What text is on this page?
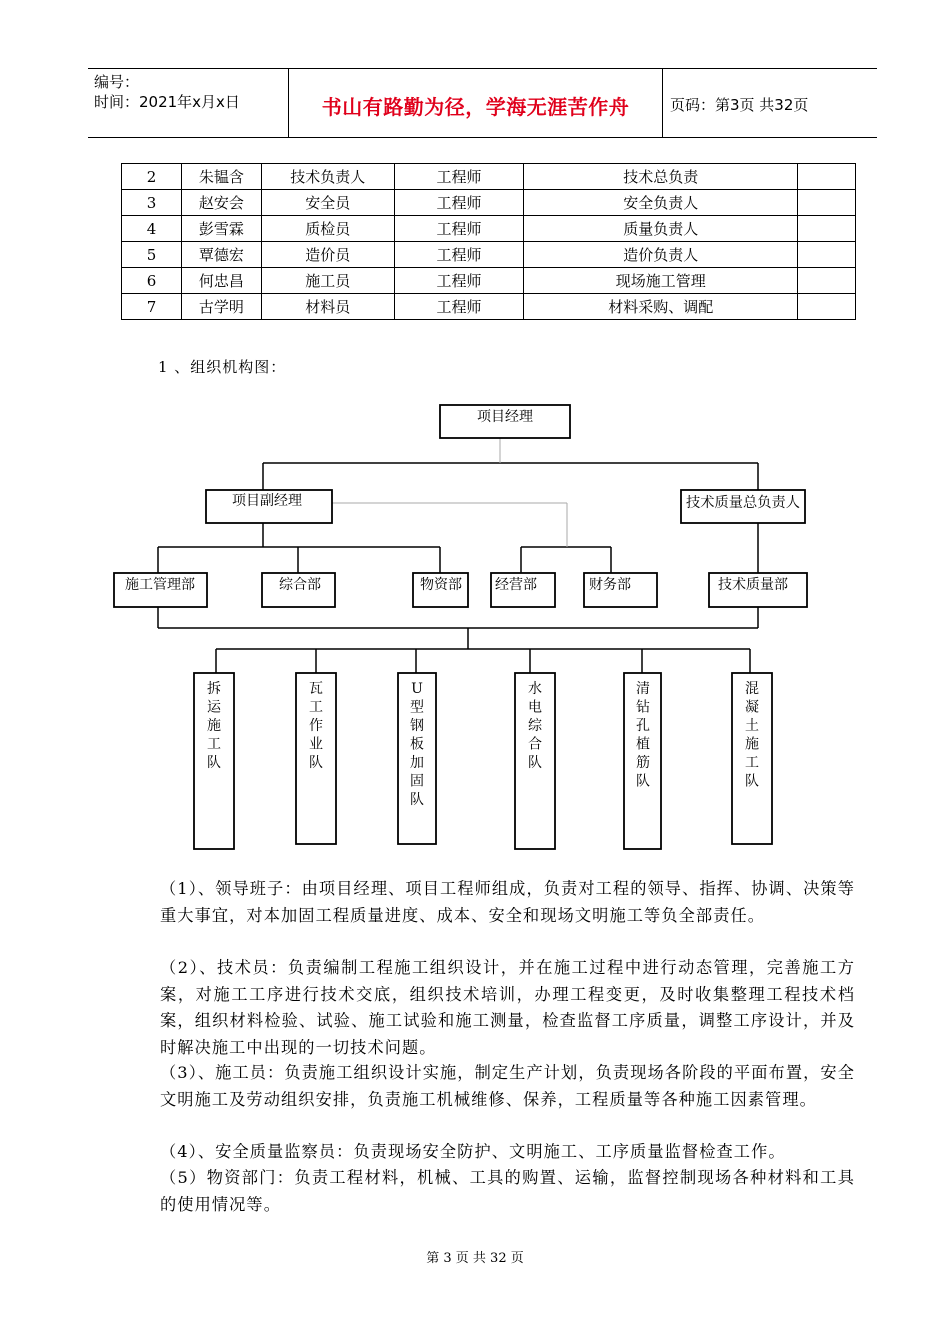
编号：
时间：2021年x月x日	书山有路勤为径，学海无涯苦作舟	页码：第3页 共32页
2	朱韫含	技术负责人	工程师	技术总负责	
3	赵安会	安全员	工程师	安全负责人	
4	彭雪霖	质检员	工程师	质量负责人	
5	覃德宏	造价员	工程师	造价负责人	
6	何忠昌	施工员	工程师	现场施工管理	
7	古学明	材料员	工程师	材料采购、调配	
1 、组织机构图：
项目经理
项目副经理	技术质量总负责人
施工管理部	综合部	物资部 经营部	财务部	技术质量部
拆
运
施
工
队
瓦
工
作
业
队
U
型
钢
板
加
固
队
水
电
综
合
队
清
钻
孔
植
筋
队
混
凝
土
施
工
队
（1）、领导班子：由项目经理、项目工程师组成，负责对工程的领导、指挥、协调、决策等重大事宜，对本加固工程质量进度、成本、安全和现场文明施工等负全部责任。
（2）、技术员：负责编制工程施工组织设计，并在施工过程中进行动态管理，完善施工方案，对施工工序进行技术交底，组织技术培训，办理工程变更，及时收集整理工程技术档案，组织材料检验、试验、施工试验和施工测量，检查监督工序质量，调整工序设计，并及时解决施工中出现的一切技术问题。
（3）、施工员：负责施工组织设计实施，制定生产计划，负责现场各阶段的平面布置，安全文明施工及劳动组织安排，负责施工机械维修、保养，工程质量等各种施工因素管理。
（4）、安全质量监察员：负责现场安全防护、文明施工、工序质量监督检查工作。
（5）物资部门：负责工程材料，机械、工具的购置、运输，监督控制现场各种材料和工具的使用情况等。
第 3 页 共 32 页
